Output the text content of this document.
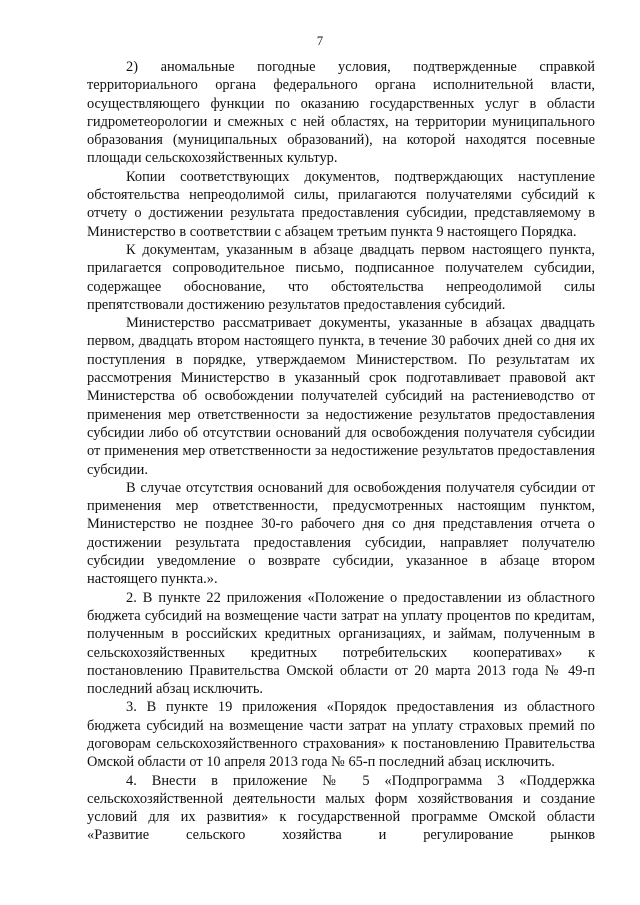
7

2) аномальные погодные условия, подтвержденные справкой территориального органа федерального органа исполнительной власти, осуществляющего функции по оказанию государственных услуг в области гидрометеорологии и смежных с ней областях, на территории муниципального образования (муниципальных образований), на которой находятся посевные площади сельскохозяйственных культур.

Копии соответствующих документов, подтверждающих наступление обстоятельства непреодолимой силы, прилагаются получателями субсидий к отчету о достижении результата предоставления субсидии, представляемому в Министерство в соответствии с абзацем третьим пункта 9 настоящего Порядка.

К документам, указанным в абзаце двадцать первом настоящего пункта, прилагается сопроводительное письмо, подписанное получателем субсидии, содержащее обоснование, что обстоятельства непреодолимой силы препятствовали достижению результатов предоставления субсидий.

Министерство рассматривает документы, указанные в абзацах двадцать первом, двадцать втором настоящего пункта, в течение 30 рабочих дней со дня их поступления в порядке, утверждаемом Министерством. По результатам их рассмотрения Министерство в указанный срок подготавливает правовой акт Министерства об освобождении получателей субсидий на растениеводство от применения мер ответственности за недостижение результатов предоставления субсидии либо об отсутствии оснований для освобождения получателя субсидии от применения мер ответственности за недостижение результатов предоставления субсидии.

В случае отсутствия оснований для освобождения получателя субсидии от применения мер ответственности, предусмотренных настоящим пунктом, Министерство не позднее 30-го рабочего дня со дня представления отчета о достижении результата предоставления субсидии, направляет получателю субсидии уведомление о возврате субсидии, указанное в абзаце втором настоящего пункта.».

2. В пункте 22 приложения «Положение о предоставлении из областного бюджета субсидий на возмещение части затрат на уплату процентов по кредитам, полученным в российских кредитных организациях, и займам, полученным в сельскохозяйственных кредитных потребительских кооперативах» к постановлению Правительства Омской области от 20 марта 2013 года № 49-п последний абзац исключить.

3. В пункте 19 приложения «Порядок предоставления из областного бюджета субсидий на возмещение части затрат на уплату страховых премий по договорам сельскохозяйственного страхования» к постановлению Правительства Омской области от 10 апреля 2013 года № 65-п последний абзац исключить.

4. Внести в приложение № 5 «Подпрограмма 3 «Поддержка сельскохозяйственной деятельности малых форм хозяйствования и создание условий для их развития» к государственной программе Омской области «Развитие сельского хозяйства и регулирование рынков
